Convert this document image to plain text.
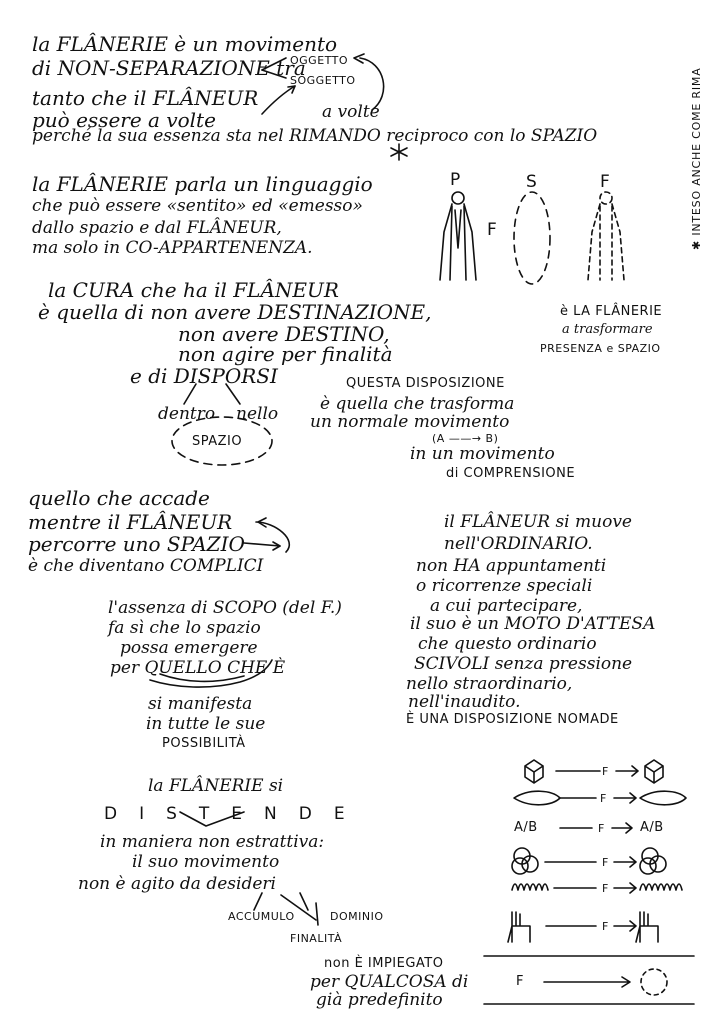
✱ INTESO ANCHE COME RIMA
la FLÂNERIE è un movimento
di NON-SEPARAZIONE tra
OGGETTO
SOGGETTO
tanto che il FLÂNEUR
può essere a volte	a volte
perché la sua essenza sta nel RIMANDO reciproco con lo SPAZIO
la FLÂNERIE parla un linguaggio
che può essere «sentito» ed «emesso»
dallo spazio e dal FLÂNEUR,
ma solo in CO-APPARTENENZA.
P	S	F
F
è LA FLÂNERIE
a trasformare
PRESENZA e SPAZIO
la CURA che ha il FLÂNEUR
è quella di non avere DESTINAZIONE,
non avere DESTINO,
non agire per finalità
e di DISPORSI
dentro nello
SPAZIO
QUESTA DISPOSIZIONE
è quella che trasforma
un normale movimento
(A ——→ B)
in un movimento
di COMPRENSIONE
quello che accade
mentre il FLÂNEUR
percorre uno SPAZIO
è che diventano COMPLICI
il FLÂNEUR si muove
nell'ORDINARIO.
non HA appuntamenti
o ricorrenze speciali
a cui partecipare,
il suo è un MOTO D'ATTESA
che questo ordinario
SCIVOLI senza pressione
nello straordinario,
nell'inaudito.
È UNA DISPOSIZIONE NOMADE
l'assenza di SCOPO (del F.)
fa sì che lo spazio
possa emergere
per QUELLO CHE È
si manifesta
in tutte le sue
POSSIBILITÀ
la FLÂNERIE si
DISTENDE
in maniera non estrattiva:
il suo movimento
non è agito da desideri
ACCUMULO	DOMINIO
FINALITÀ
non È IMPIEGATO
per QUALCOSA di
già predefinito
F
F
A/B	F	A/B
F
F
F
F
